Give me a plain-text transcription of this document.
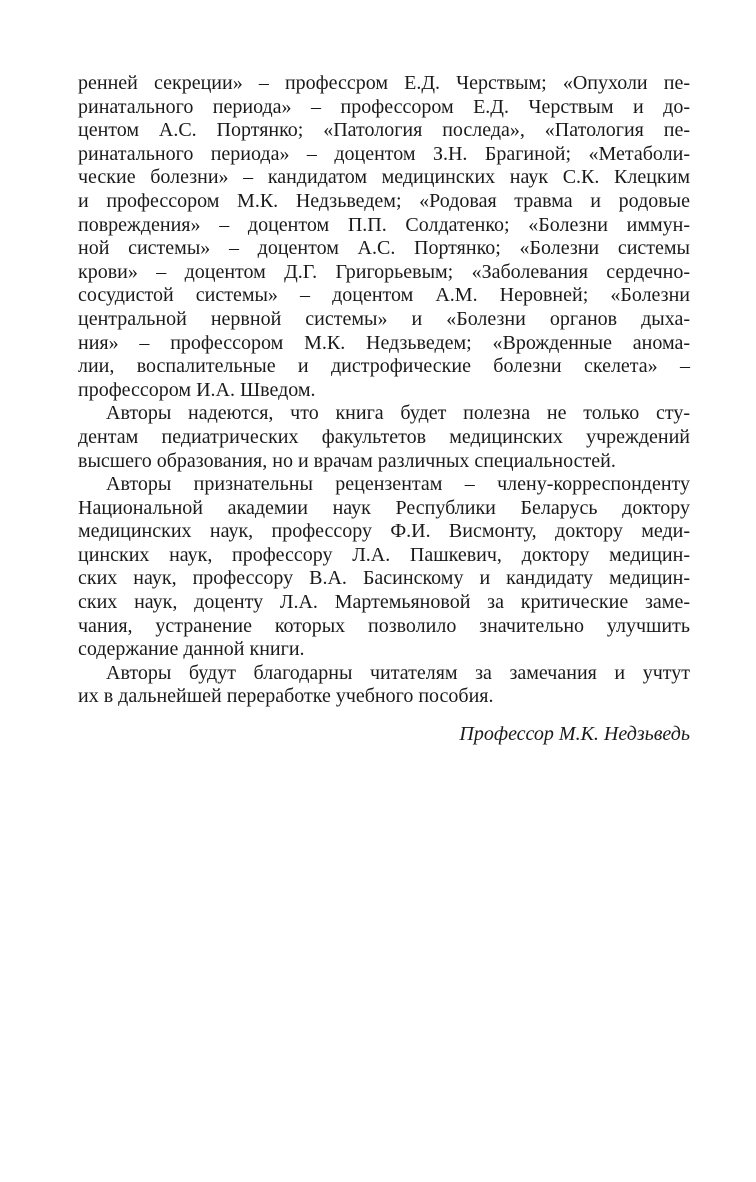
ренней секреции» – профессром Е.Д. Черствым; «Опухоли пе-
ринатального периода» – профессором Е.Д. Черствым и до-
центом А.С. Портянко; «Патология последа», «Патология пе-
ринатального периода» – доцентом З.Н. Брагиной; «Метаболи-
ческие болезни» – кандидатом медицинских наук С.К. Клецким
и профессором М.К. Недзьведем; «Родовая травма и родовые
повреждения» – доцентом П.П. Солдатенко; «Болезни иммун-
ной системы» – доцентом А.С. Портянко; «Болезни системы
крови» – доцентом Д.Г. Григорьевым; «Заболевания сердечно-
сосудистой системы» – доцентом А.М. Неровней; «Болезни
центральной нервной системы» и «Болезни органов дыха-
ния» – профессором М.К. Недзьведем; «Врожденные анома-
лии, воспалительные и дистрофические болезни скелета» –
профессором И.А. Шведом.
Авторы надеются, что книга будет полезна не только сту-
дентам педиатрических факультетов медицинских учреждений
высшего образования, но и врачам различных специальностей.
Авторы признательны рецензентам – члену-корреспонденту
Национальной академии наук Республики Беларусь доктору
медицинских наук, профессору Ф.И. Висмонту, доктору меди-
цинских наук, профессору Л.А. Пашкевич, доктору медицин-
ских наук, профессору В.А. Басинскому и кандидату медицин-
ских наук, доценту Л.А. Мартемьяновой за критические заме-
чания, устранение которых позволило значительно улучшить
содержание данной книги.
Авторы будут благодарны читателям за замечания и учтут
их в дальнейшей переработке учебного пособия.
Профессор М.К. Недзьведь
